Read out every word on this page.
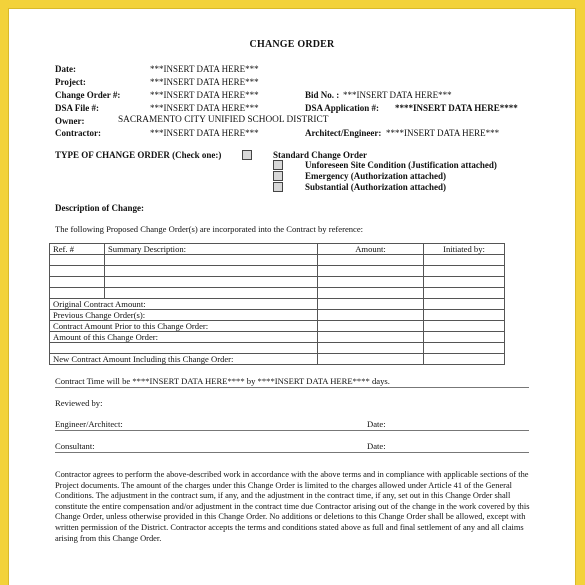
CHANGE ORDER
Date:	***INSERT DATA HERE***
Project:	***INSERT DATA HERE***
Change Order #:	***INSERT DATA HERE***	Bid No. : ***INSERT DATA HERE***
DSA File #:	***INSERT DATA HERE***	DSA Application #: ****INSERT DATA HERE****
Owner:	SACRAMENTO CITY UNIFIED SCHOOL DISTRICT
Contractor:	***INSERT DATA HERE***	Architect/Engineer: ****INSERT DATA HERE***
TYPE OF CHANGE ORDER (Check one:)	Standard Change Order
Unforeseen Site Condition (Justification attached)
Emergency (Authorization attached)
Substantial (Authorization attached)
Description of Change:
The following Proposed Change Order(s) are incorporated into the Contract by reference:
Ref. #	Summary Description:	Amount:	Initiated by:

Original Contract Amount:			
Previous Change Order(s):			
Contract Amount Prior to this Change Order:			
Amount of this Change Order:			

New Contract Amount Including this Change Order:			
Contract Time will be ****INSERT DATA HERE**** by ****INSERT DATA HERE**** days.
Reviewed by:
Engineer/Architect:	Date:
Consultant:	Date:
Contractor agrees to perform the above-described work in accordance with the above terms and in compliance with applicable sections of the Project documents. The amount of the charges under this Change Order is limited to the charges allowed under Article 41 of the General Conditions. The adjustment in the contract sum, if any, and the adjustment in the contract time, if any, set out in this Change Order shall constitute the entire compensation and/or adjustment in the contract time due Contractor arising out of the change in the work covered by this Change Order, unless otherwise provided in this Change Order. No additions or deletions to this Change Order shall be allowed, except with written permission of the District. Contractor accepts the terms and conditions stated above as full and final settlement of any and all claims arising from this Change Order.
